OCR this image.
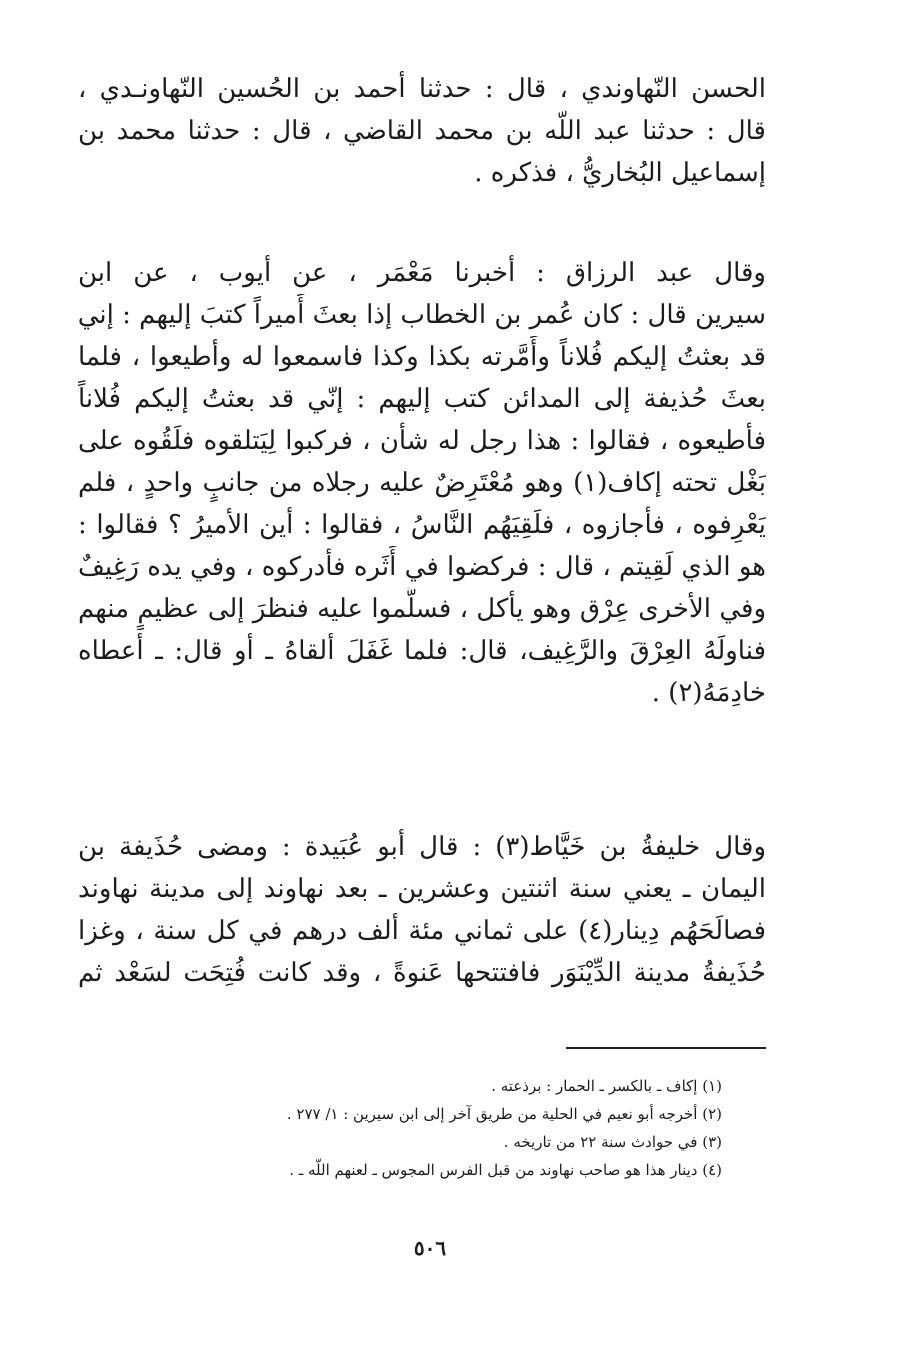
الحسن النّهاوندي ، قال : حدثنا أحمد بن الحُسين النّهاونـدي ،
قال : حدثنا عبد اللّه بن محمد القاضي ، قال : حدثنا محمد بن
إسماعيل البُخاريُّ ، فذكره .
وقال عبد الرزاق : أخبرنا مَعْمَر ، عن أيوب ، عن ابن
سيرين قال : كان عُمر بن الخطاب إذا بعثَ أَميراً كتبَ إليهم : إني
قد بعثتُ إليكم فُلاناً وأَمَّرته بكذا وكذا فاسمعوا له وأطيعوا ، فلما
بعثَ حُذيفة إلى المدائن كتب إليهم : إنّي قد بعثتُ إليكم فُلاناً
فأطيعوه ، فقالوا : هذا رجل له شأن ، فركبوا لِيَتلقوه فلَقُوه على
بَغْل تحته إكاف(١) وهو مُعْتَرِضٌ عليه رجلاه من جانبٍ واحدٍ ، فلم
يَعْرِفوه ، فأجازوه ، فلَقِيَهُم النَّاسُ ، فقالوا : أين الأميرُ ؟ فقالوا :
هو الذي لَقِيتم ، قال : فركضوا في أَثَره فأدركوه ، وفي يده رَغِيفٌ
وفي الأخرى عِرْق وهو يأكل ، فسلَّموا عليه فنظرَ إلى عظيمٍ منهم
فناولَهُ العِرْقَ والرَّغِيف، قال: فلما غَفَلَ ألقاهُ ـ أو قال: ـ أعطاه
خادِمَهُ(٢) .
وقال خليفةُ بن خَيَّاط(٣) : قال أبو عُبَيدة : ومضى حُذَيفة بن
اليمان ـ يعني سنة اثنتين وعشرين ـ بعد نهاوند إلى مدينة نهاوند
فصالَحَهُم دِينار(٤) على ثماني مئة ألف درهم في كل سنة ، وغزا
حُذَيفةُ مدينة الدِّيْنَوَر فافتتحها عَنوةً ، وقد كانت فُتِحَت لسَعْد ثم
(١) إكاف ـ بالكسر ـ الحمار : برذعته .
(٢) أخرجه أبو نعيم في الحلية من طريق آخر إلى ابن سيرين : ١/ ٢٧٧ .
(٣) في حوادث سنة ٢٢ من تاريخه .
(٤) دينار هذا هو صاحب نهاوند من قبل الفرس المجوس ـ لعنهم اللّه ـ .
٥٠٦
